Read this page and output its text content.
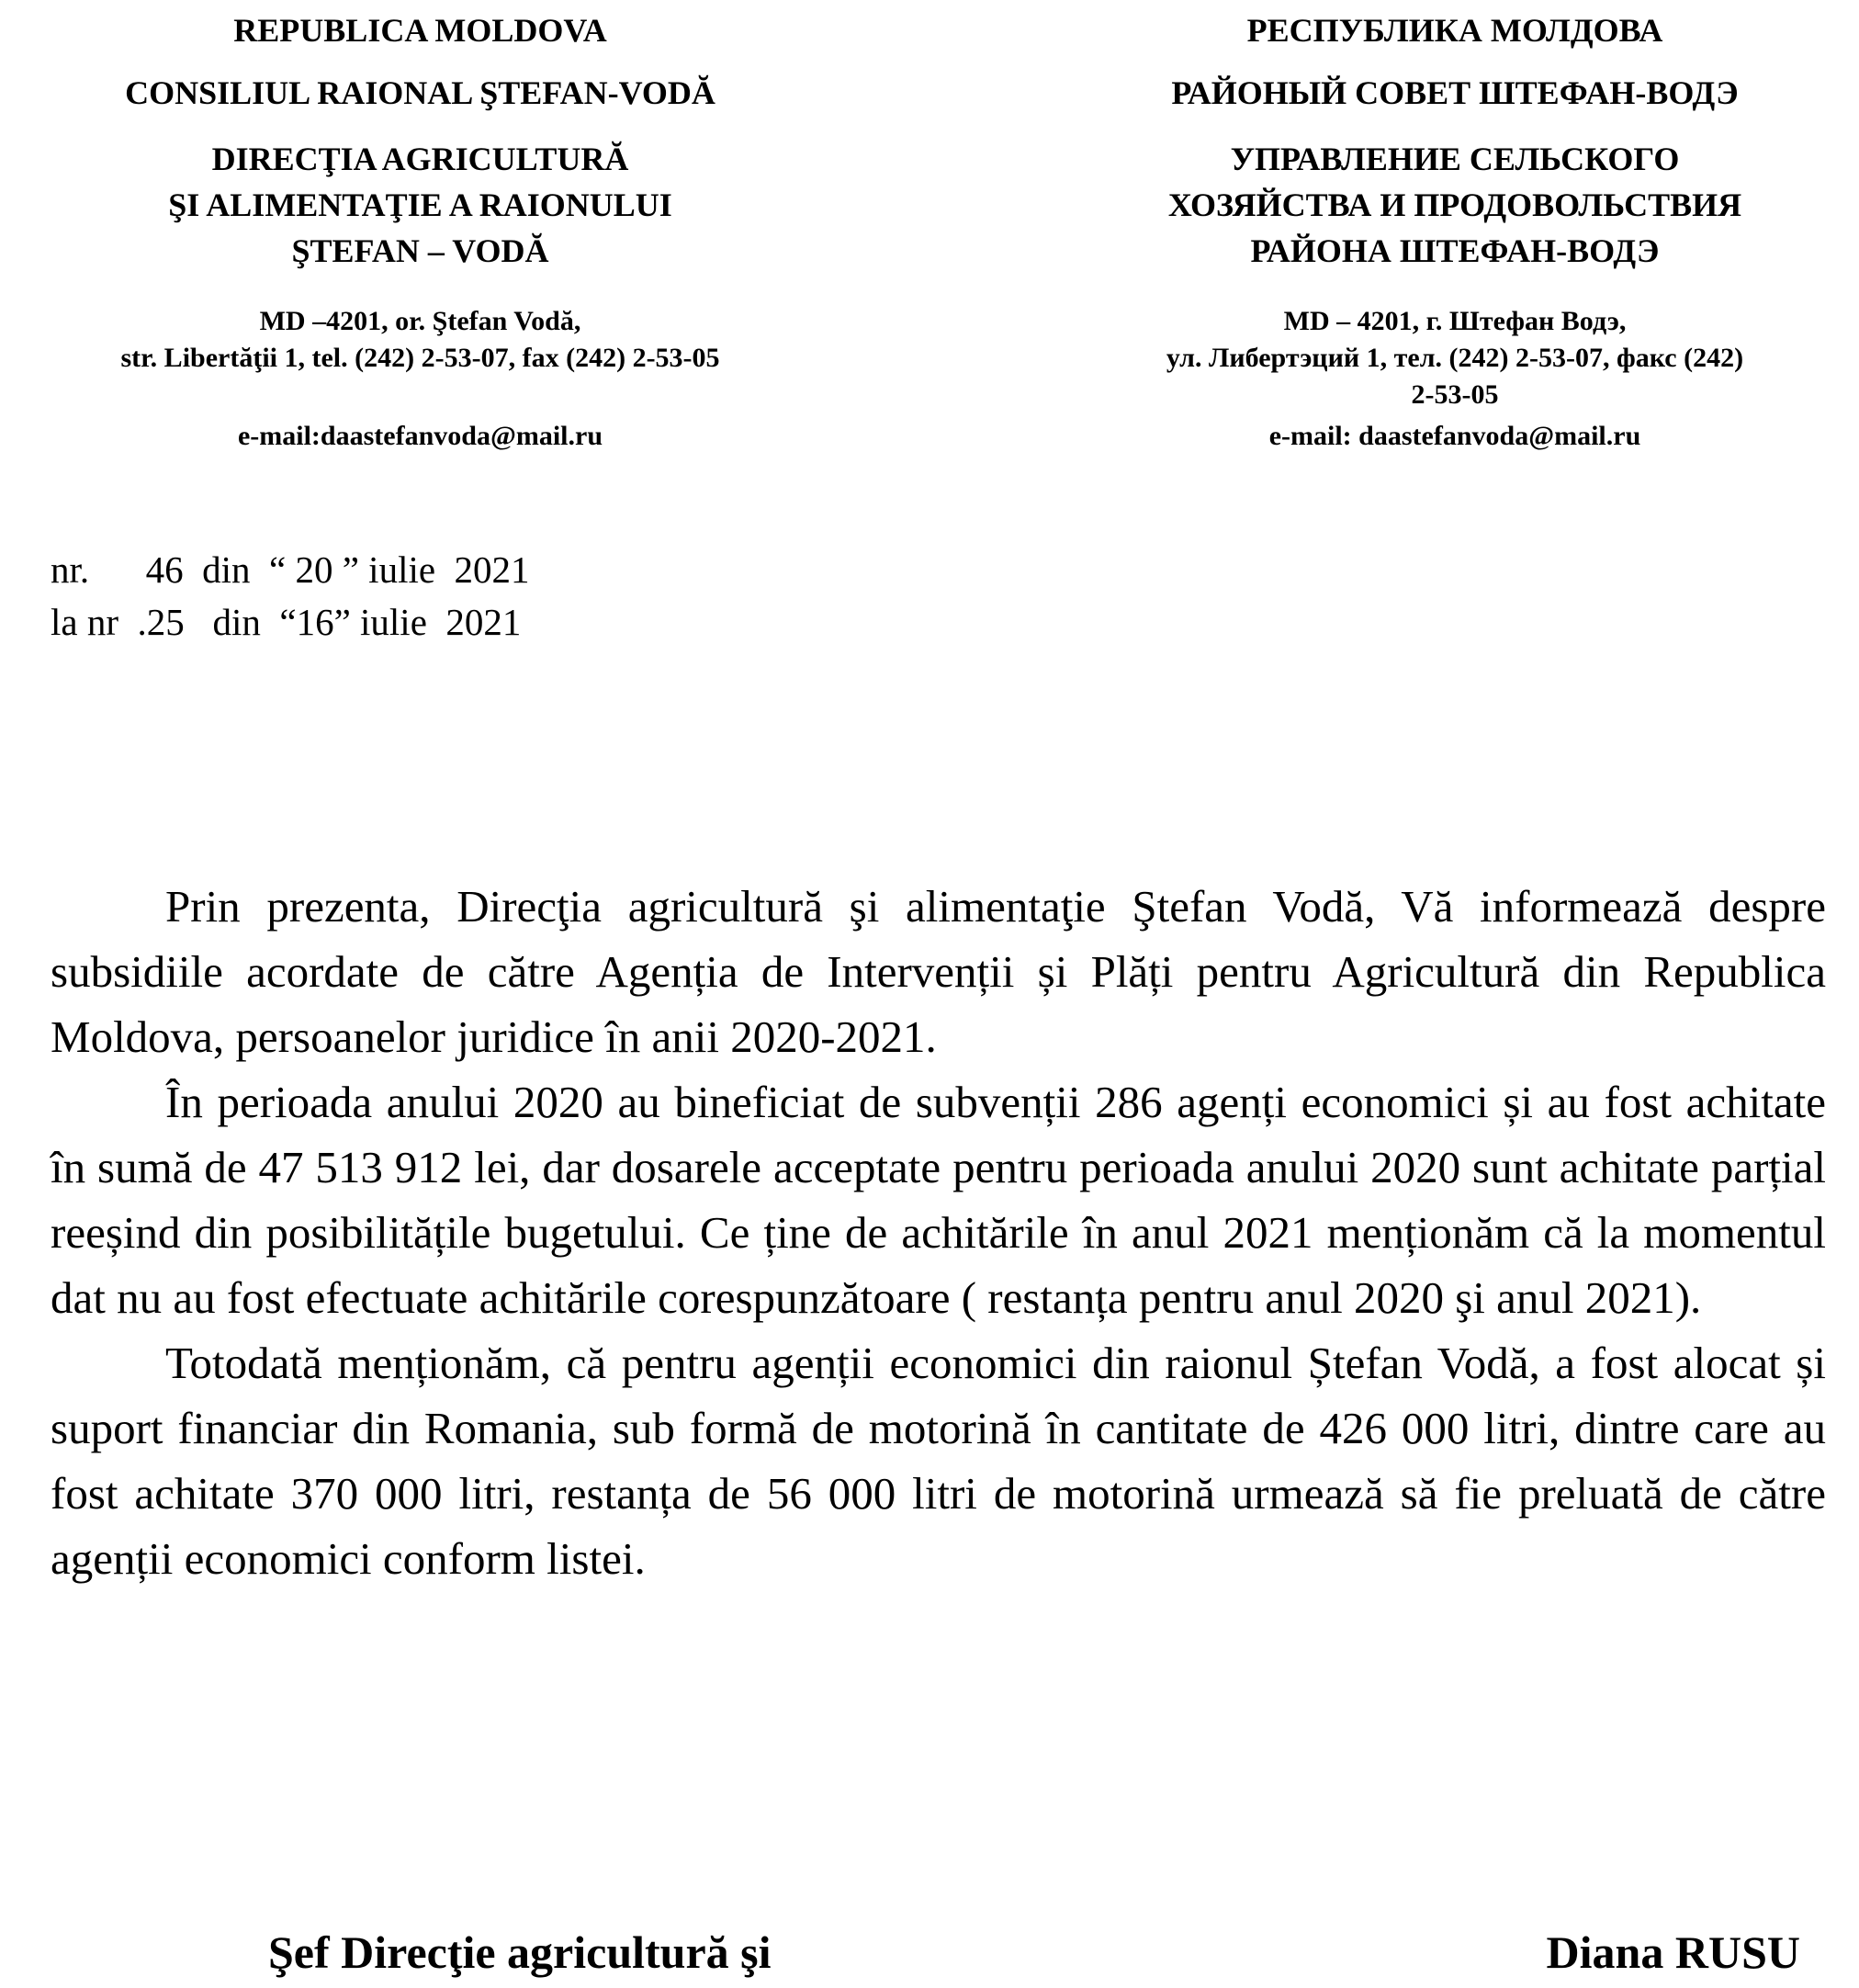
REPUBLICA MOLDOVA
CONSILIUL RAIONAL ŞTEFAN-VODĂ
DIRECŢIA AGRICULTURĂ
ŞI ALIMENTAŢIE A RAIONULUI
ŞTEFAN – VODĂ
MD –4201, or. Ştefan Vodă,
str. Libertăţii 1, tel. (242) 2-53-07, fax (242) 2-53-05
e-mail:daastefanvoda@mail.ru
РЕСПУБЛИКА МОЛДОВА
РАЙОНЫЙ СОВЕТ ШТЕФАН-ВОДЭ
УПРАВЛЕНИЕ СЕЛЬСКОГО
ХОЗЯЙСТВА И ПРОДОВОЛЬСТВИЯ
РАЙОНА ШТЕФАН-ВОДЭ
MD – 4201, г. Штефан Водэ,
ул. Либертэций 1, тел. (242) 2-53-07, факс (242)
2-53-05
e-mail: daastefanvoda@mail.ru
nr.      46  din  “ 20 ” iulie  2021
la nr  .25   din  “16” iulie  2021

Prin prezenta, Direcţia agricultură şi alimentaţie Ştefan Vodă, Vă informează despre subsidiile acordate de către Agenția de Intervenții și Plăți pentru Agricultură din Republica Moldova, persoanelor juridice în anii 2020-2021.

În perioada anului 2020 au bineficiat de subvenții 286 agenți economici și au fost achitate în sumă de 47 513 912 lei, dar dosarele acceptate pentru perioada anului 2020 sunt achitate parțial reeșind din posibilitățile bugetului. Ce ține de achitările în anul 2021 menționăm că la momentul dat nu au fost efectuate achitările corespunzătoare ( restanța pentru anul 2020 şi anul 2021).

Totodată menționăm, că pentru agenții economici din raionul Ștefan Vodă, a fost alocat și suport financiar din Romania, sub formă de motorină în cantitate de 426 000 litri, dintre care au fost achitate 370 000 litri, restanța de 56 000 litri de motorină urmează să fie preluată de către agenții economici conform listei.

Şef Direcţie agricultură şi	Diana RUSU
